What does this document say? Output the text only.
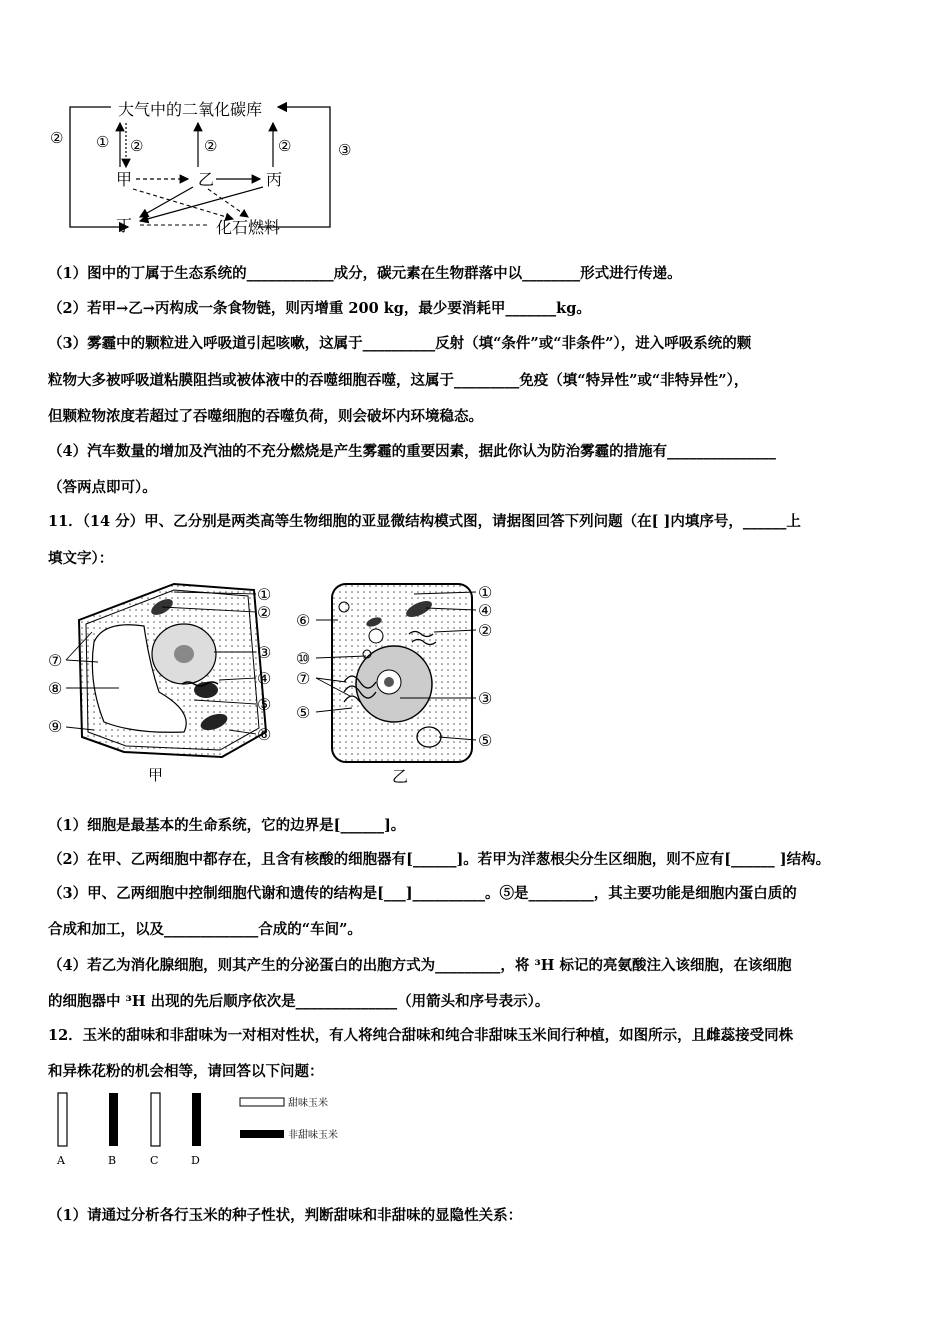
大气中的二氧化碳库
② ① ②	②	②	③
甲	乙	丙
丁	化石燃料
（1）图中的丁属于生态系统的____________成分，碳元素在生物群落中以________形式进行传递。
（2）若甲→乙→丙构成一条食物链，则丙增重 200 kg，最少要消耗甲_______kg。
（3）雾霾中的颗粒进入呼吸道引起咳嗽，这属于__________反射（填“条件”或“非条件”），进入呼吸系统的颗
粒物大多被呼吸道粘膜阻挡或被体液中的吞噬细胞吞噬，这属于_________免疫（填“特异性”或“非特异性”），
但颗粒物浓度若超过了吞噬细胞的吞噬负荷，则会破坏内环境稳态。
（4）汽车数量的增加及汽油的不充分燃烧是产生雾霾的重要因素，据此你认为防治雾霾的措施有_______________
（答两点即可）。
11．（14 分）甲、乙分别是两类高等生物细胞的亚显微结构模式图，请据图回答下列问题（在[ ]内填序号，______上
填文字）：
①
②
③
④
⑤
⑥
⑦
⑧
⑨
甲
①
④
②
③
⑤
⑥
⑩
⑦
⑤
乙
（1）细胞是最基本的生命系统，它的边界是[______]。
（2）在甲、乙两细胞中都存在，且含有核酸的细胞器有[______]。若甲为洋葱根尖分生区细胞，则不应有[______ ]结构。
（3）甲、乙两细胞中控制细胞代谢和遗传的结构是[___]__________。⑤是_________，其主要功能是细胞内蛋白质的
合成和加工，以及_____________合成的“车间”。
（4）若乙为消化腺细胞，则其产生的分泌蛋白的出胞方式为_________，将 ³H 标记的亮氨酸注入该细胞，在该细胞
的细胞器中 ³H 出现的先后顺序依次是______________（用箭头和序号表示）。
12．玉米的甜味和非甜味为一对相对性状，有人将纯合甜味和纯合非甜味玉米间行种植，如图所示，且雌蕊接受同株
和异株花粉的机会相等，请回答以下问题：
A	B	C	D
甜味玉米
非甜味玉米
（1）请通过分析各行玉米的种子性状，判断甜味和非甜味的显隐性关系：
